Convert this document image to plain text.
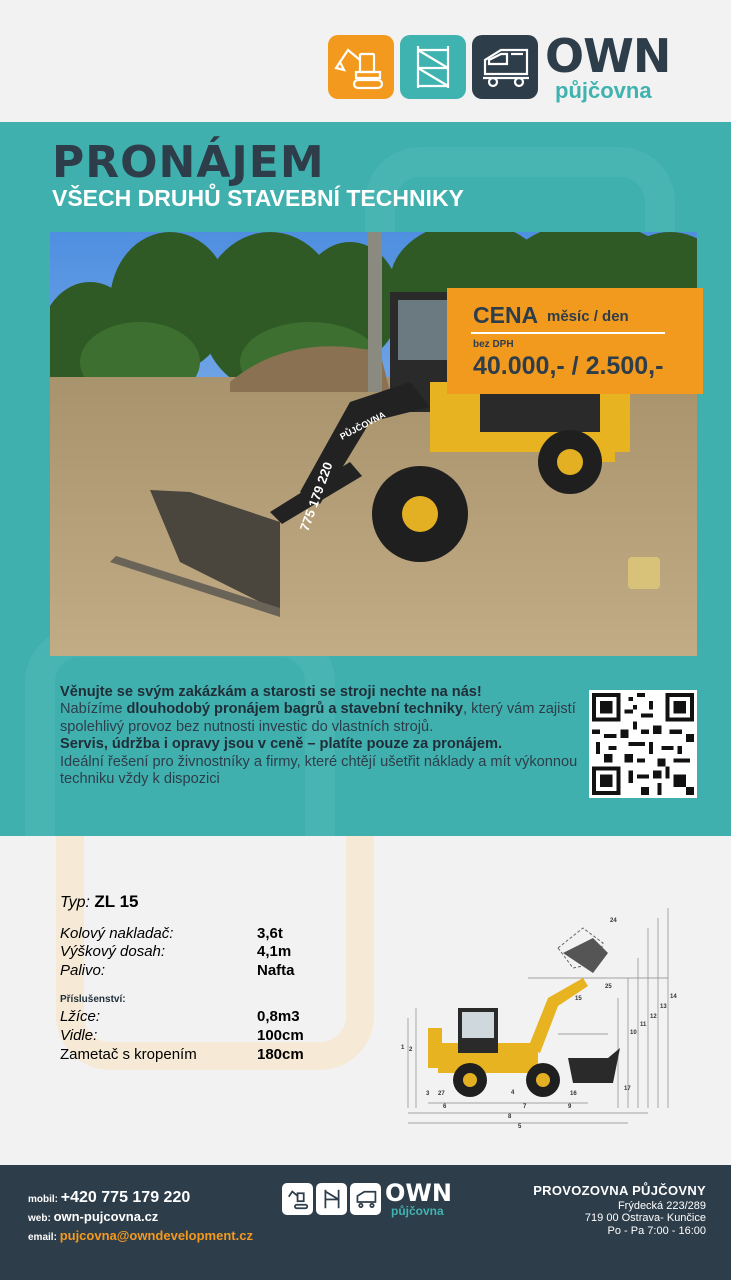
OWN
půjčovna
PRONÁJEM
VŠECH DRUHŮ STAVEBNÍ TECHNIKY
775 179 220
PŮJČOVNA
CENA měsíc / den
bez DPH
40.000,- / 2.500,-
Věnujte se svým zakázkám a starosti se stroji nechte na nás!
Nabízíme dlouhodobý pronájem bagrů a stavební techniky, který vám zajistí spolehlivý provoz bez nutnosti investic do vlastních strojů.
Servis, údržba i opravy jsou v ceně – platíte pouze za pronájem.
Ideální řešení pro živnostníky a firmy, které chtějí ušetřit náklady a mít výkonnou techniku vždy k dispozici
Typ: ZL 15
Kolový nakladač:	3,6t
Výškový dosah:	4,1m
Palivo:	Nafta
Příslušenství:
Lžíce:	0,8m3
Vidle:	100cm
Zametač s kropením	180cm
24
25
15	14
13
12
11
10
16
17
1 2
3 27	4
6	7	9
8
5
mobil: +420 775 179 220
web: own-pujcovna.cz
email: pujcovna@owndevelopment.cz
OWN
půjčovna
PROVOZOVNA PŮJČOVNY
Frýdecká 223/289
719 00 Ostrava- Kunčice
Po - Pa 7:00 - 16:00
